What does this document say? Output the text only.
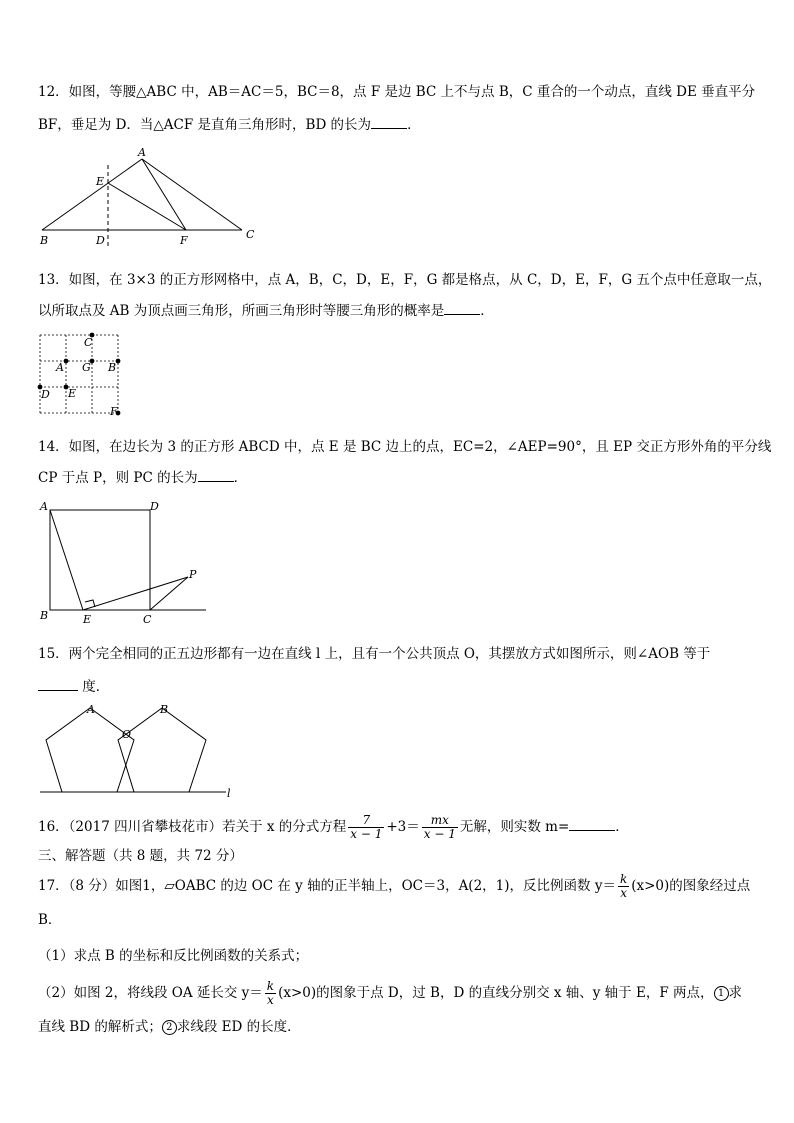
12．如图，等腰△ABC 中，AB＝AC＝5，BC＝8，点 F 是边 BC 上不与点 B，C 重合的一个动点，直线 DE 垂直平分
BF，垂足为 D．当△ACF 是直角三角形时，BD 的长为	．
A
E
B	D	F	C
13．如图，在 3×3 的正方形网格中，点 A，B，C，D，E，F，G 都是格点，从 C，D，E，F，G 五个点中任意取一点，
以所取点及 AB 为顶点画三角形，所画三角形时等腰三角形的概率是	．
C
A G B
D E
F
14．如图，在边长为 3 的正方形 ABCD 中，点 E 是 BC 边上的点，EC=2，∠AEP=90°，且 EP 交正方形外角的平分线
CP 于点 P，则 PC 的长为	．
A	D
B	E	C
P
15．两个完全相同的正五边形都有一边在直线 l 上，且有一个公共顶点 O，其摆放方式如图所示，则∠AOB 等于
度．
A	B
O
l
16．（2017 四川省攀枝花市）若关于 x 的分式方程 $\frac{7}{x - 1} +3= \frac{mx}{x - 1}$ 无解，则实数 m=	．
三、解答题（共 8 题，共 72 分）
17．（8 分）如图1，▱OABC 的边 OC 在 y 轴的正半轴上，OC＝3，A(2，1)，反比例函数 $y= \frac{k}{x} (x>0)$的图象经过点
B．
（1）求点 B 的坐标和反比例函数的关系式；
（2）如图 2，将线段 OA 延长交 $y= \frac{k}{x} (x>0)$的图象于点 D，过 B，D 的直线分别交 x 轴、y 轴于 E，F 两点， 1 求
直线 BD 的解析式； 2 求线段 ED 的长度．
